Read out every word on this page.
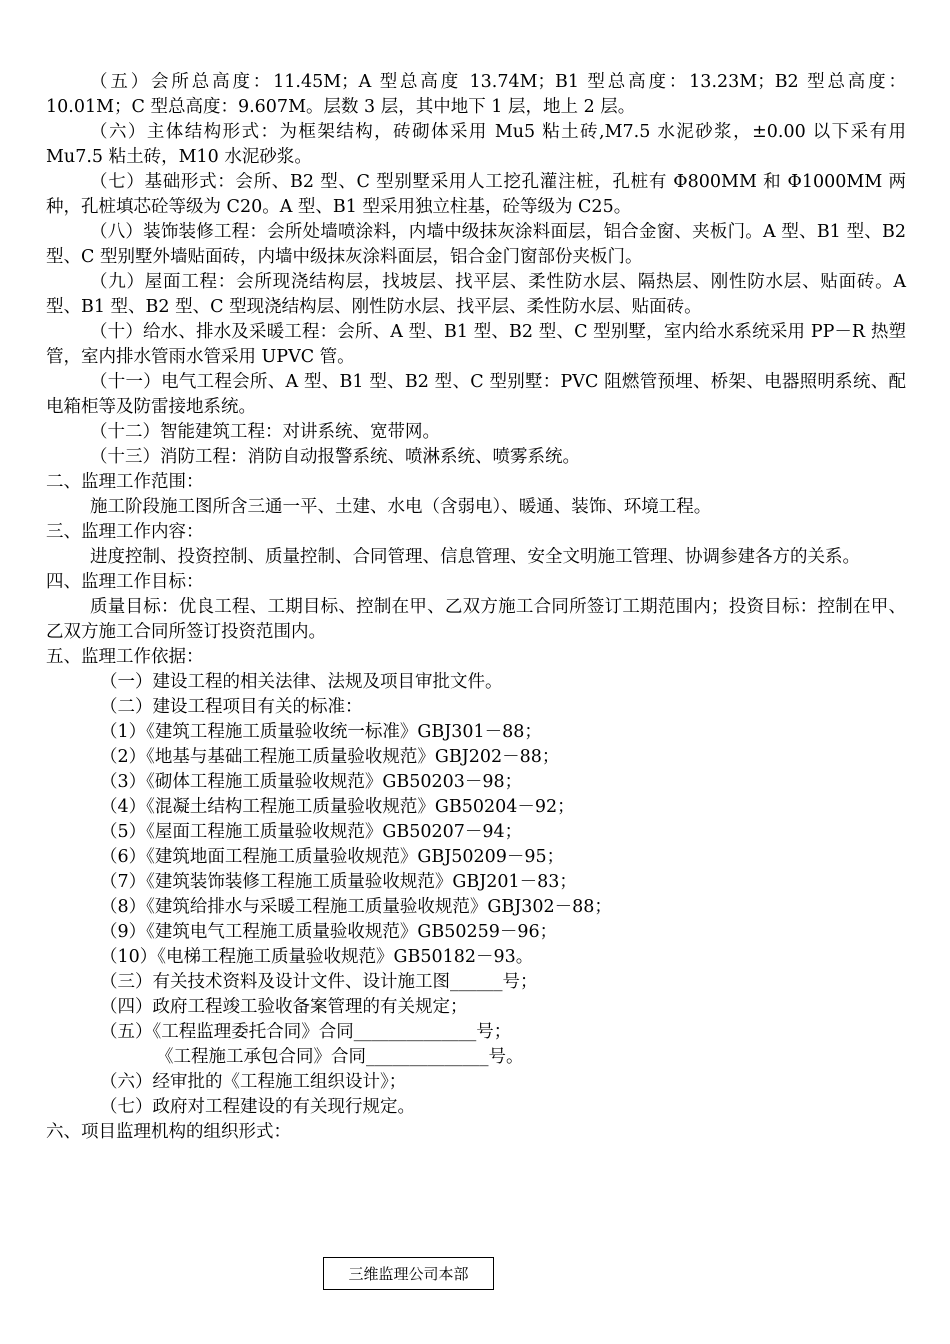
（五）会所总高度：11.45M；A 型总高度 13.74M；B1 型总高度：13.23M；B2 型总高度：10.01M；C 型总高度：9.607M。层数 3 层，其中地下 1 层，地上 2 层。

（六）主体结构形式：为框架结构，砖砌体采用 Mu5 粘土砖,M7.5 水泥砂浆，±0.00 以下采有用 Mu7.5 粘土砖，M10 水泥砂浆。

（七）基础形式：会所、B2 型、C 型别墅采用人工挖孔灌注桩，孔桩有 Φ800MM 和 Φ1000MM 两种，孔桩填芯砼等级为 C20。A 型、B1 型采用独立柱基，砼等级为 C25。

（八）装饰装修工程：会所处墙喷涂料，内墙中级抹灰涂料面层，铝合金窗、夹板门。A 型、B1 型、B2 型、C 型别墅外墙贴面砖，内墙中级抹灰涂料面层，铝合金门窗部份夹板门。

（九）屋面工程：会所现浇结构层，找坡层、找平层、柔性防水层、隔热层、刚性防水层、贴面砖。A 型、B1 型、B2 型、C 型现浇结构层、刚性防水层、找平层、柔性防水层、贴面砖。

（十）给水、排水及采暖工程：会所、A 型、B1 型、B2 型、C 型别墅，室内给水系统采用 PP－R 热塑管，室内排水管雨水管采用 UPVC 管。

（十一）电气工程会所、A 型、B1 型、B2 型、C 型别墅：PVC 阻燃管预埋、桥架、电器照明系统、配电箱柜等及防雷接地系统。

（十二）智能建筑工程：对讲系统、宽带网。

（十三）消防工程：消防自动报警系统、喷淋系统、喷雾系统。

二、监理工作范围：

施工阶段施工图所含三通一平、土建、水电（含弱电）、暖通、装饰、环境工程。

三、监理工作内容：

进度控制、投资控制、质量控制、合同管理、信息管理、安全文明施工管理、协调参建各方的关系。

四、监理工作目标：

质量目标：优良工程、工期目标、控制在甲、乙双方施工合同所签订工期范围内；投资目标：控制在甲、乙双方施工合同所签订投资范围内。

五、监理工作依据：

（一）建设工程的相关法律、法规及项目审批文件。

（二）建设工程项目有关的标准：

（1）《建筑工程施工质量验收统一标准》GBJ301－88；

（2）《地基与基础工程施工质量验收规范》GBJ202－88；

（3）《砌体工程施工质量验收规范》GB50203－98；

（4）《混凝土结构工程施工质量验收规范》GB50204－92；

（5）《屋面工程施工质量验收规范》GB50207－94；

（6）《建筑地面工程施工质量验收规范》GBJ50209－95；

（7）《建筑装饰装修工程施工质量验收规范》GBJ201－83；

（8）《建筑给排水与采暖工程施工质量验收规范》GBJ302－88；

（9）《建筑电气工程施工质量验收规范》GB50259－96；

（10）《电梯工程施工质量验收规范》GB50182－93。

（三）有关技术资料及设计文件、设计施工图______号；

（四）政府工程竣工验收备案管理的有关规定；

（五）《工程监理委托合同》合同______________号；

《工程施工承包合同》合同______________号。

（六）经审批的《工程施工组织设计》；

（七）政府对工程建设的有关现行规定。

六、项目监理机构的组织形式：

三维监理公司本部
